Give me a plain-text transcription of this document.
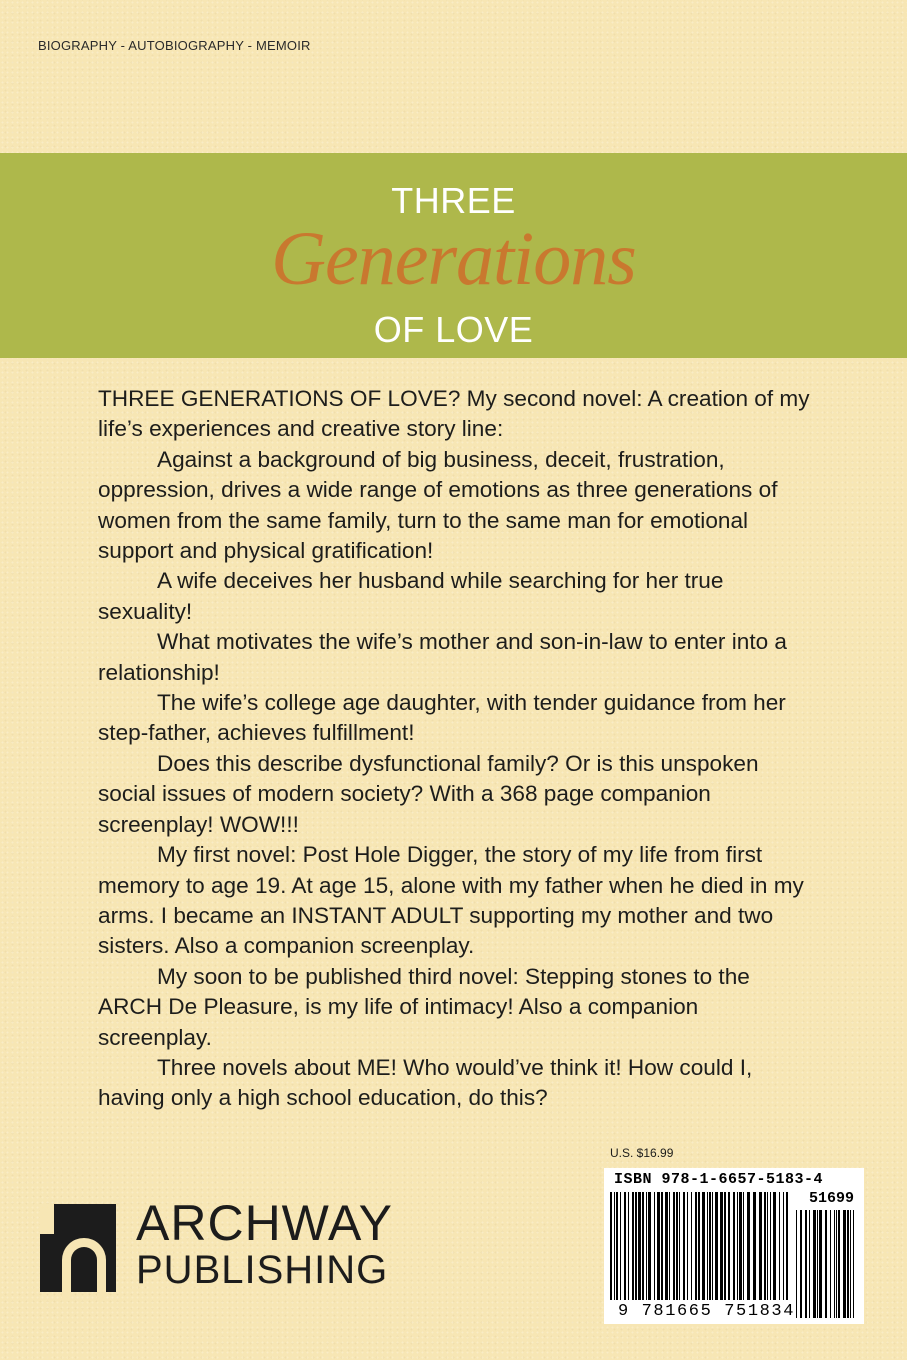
BIOGRAPHY - AUTOBIOGRAPHY - MEMOIR
THREE
Generations
OF LOVE

THREE GENERATIONS OF LOVE? My second novel: A creation of my life’s experiences and creative story line:

Against a background of big business, deceit, frustration, oppression, drives a wide range of emotions as three generations of women from the same family, turn to the same man for emotional support and physical gratification!

A wife deceives her husband while searching for her true sexuality!

What motivates the wife’s mother and son-in-law to enter into a relationship!

The wife’s college age daughter, with tender guidance from her step-father, achieves fulfillment!

Does this describe dysfunctional family? Or is this unspoken social issues of modern society? With a 368 page companion screenplay! WOW!!!

My first novel: Post Hole Digger, the story of my life from first memory to age 19. At age 15, alone with my father when he died in my arms. I became an INSTANT ADULT supporting my mother and two sisters. Also a companion screenplay.

My soon to be published third novel: Stepping stones to the ARCH De Pleasure, is my life of intimacy! Also a companion screenplay.

Three novels about ME! Who would’ve think it! How could I, having only a high school education, do this?

ARCHWAY
PUBLISHING
U.S. $16.99
ISBN 978-1-6657-5183-4
51699
9 781665 751834
